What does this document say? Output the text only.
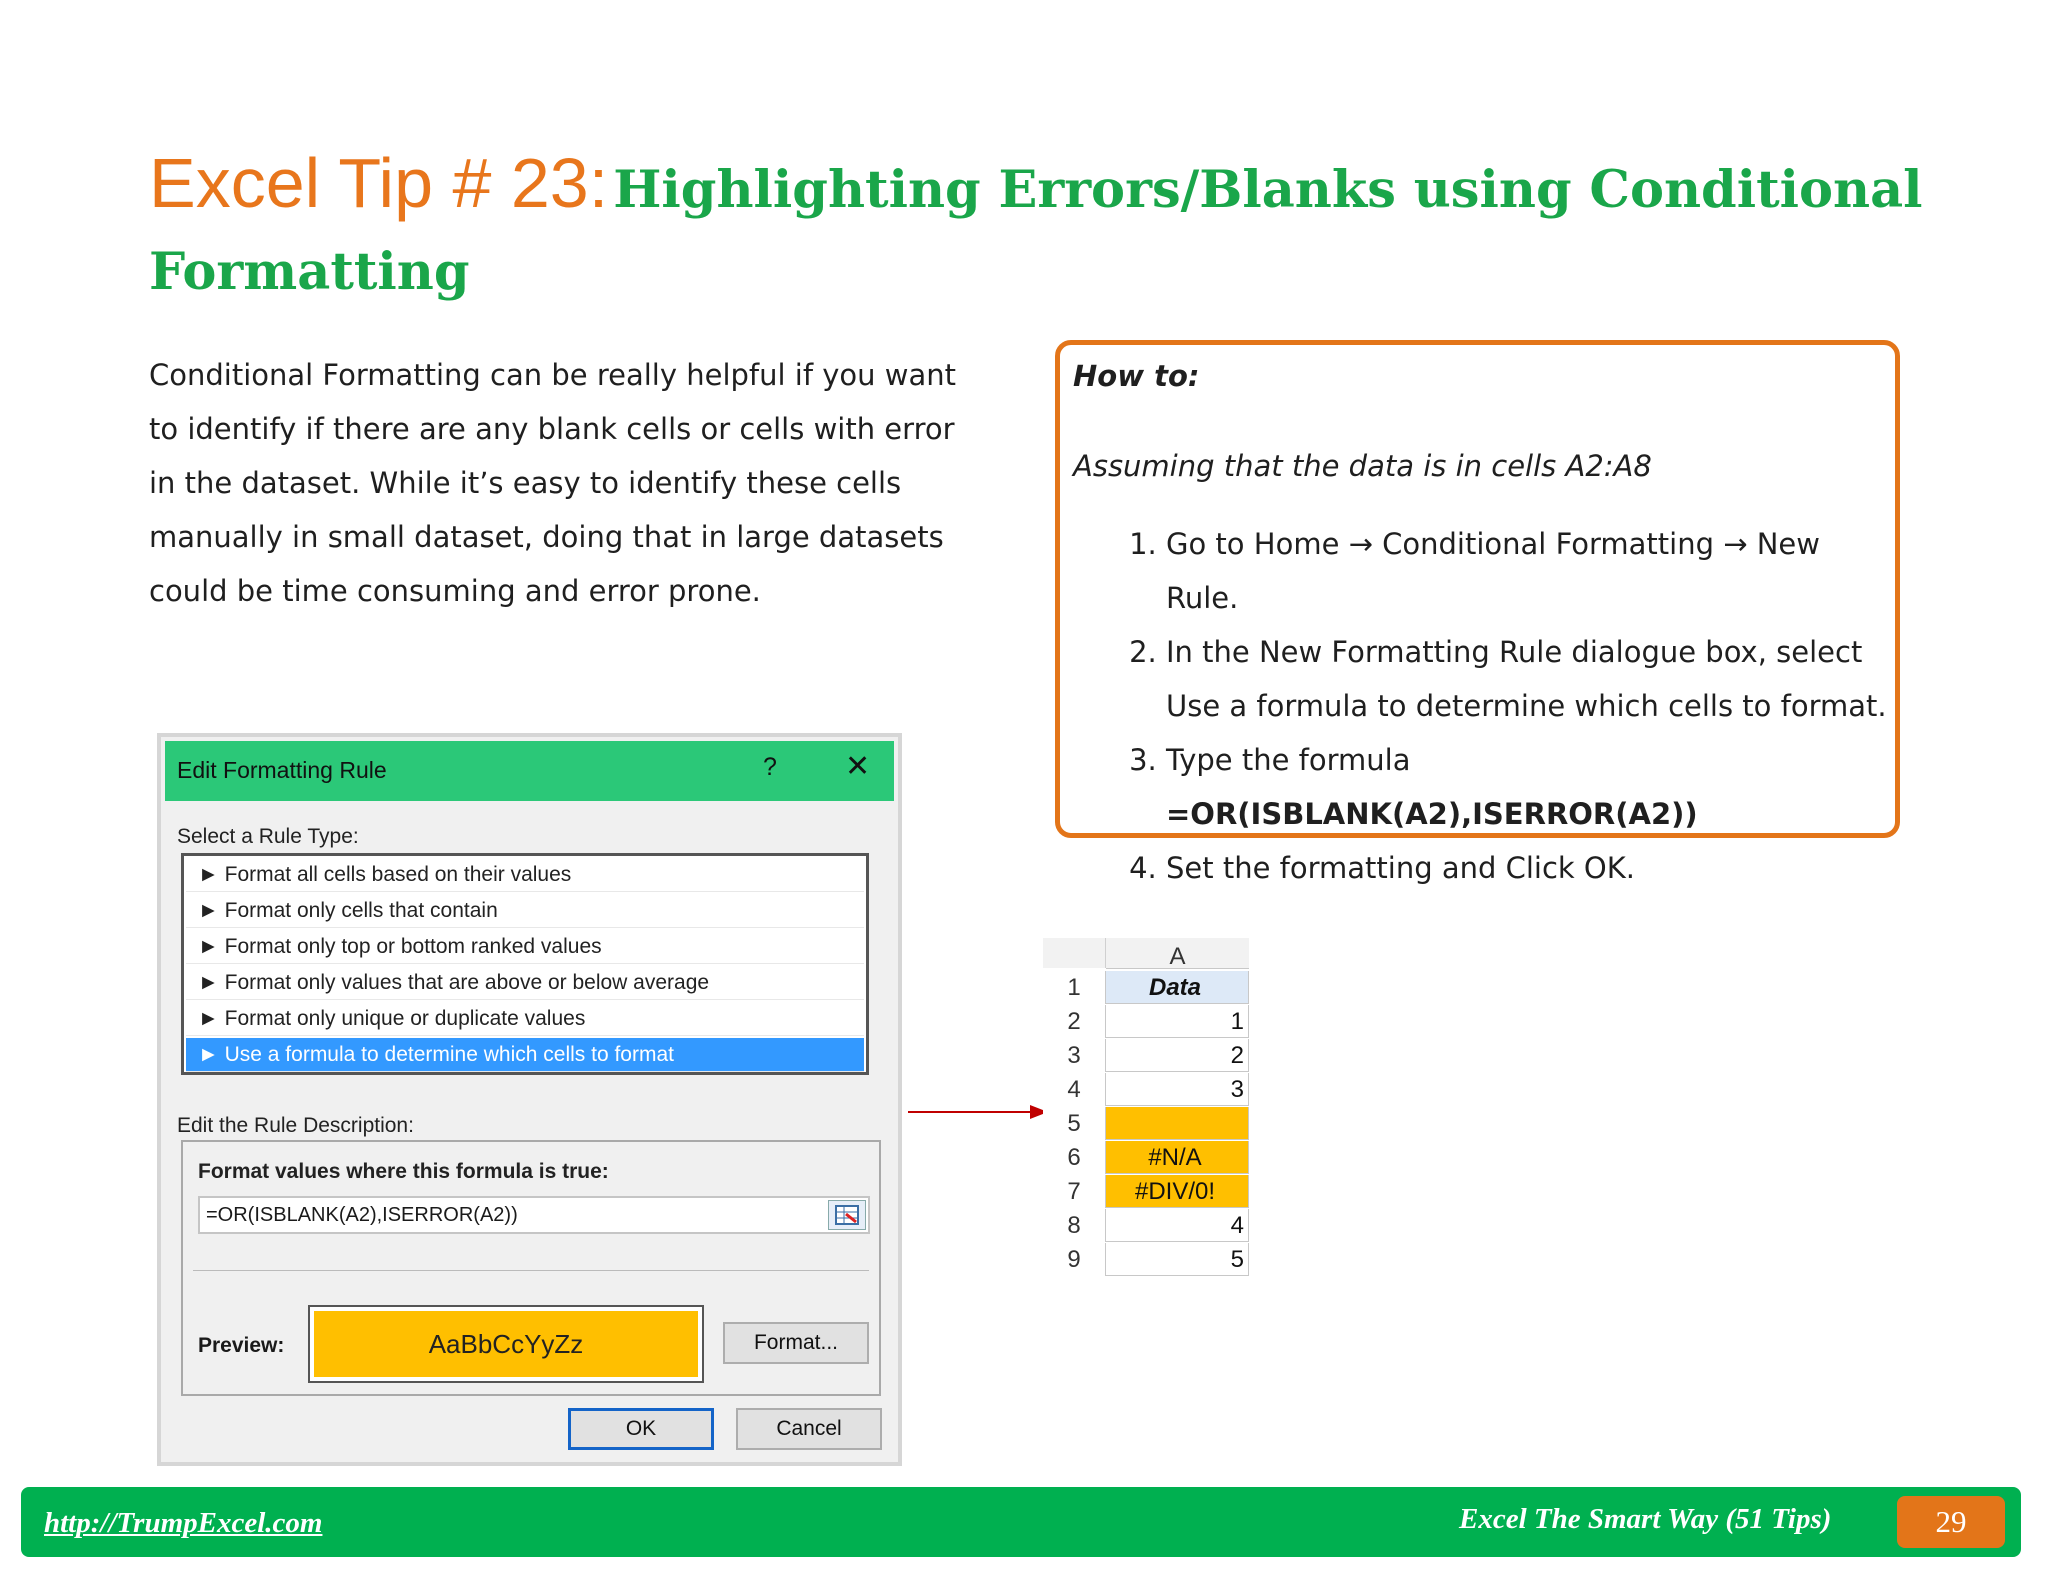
Excel Tip # 23: Highlighting Errors/Blanks using Conditional Formatting
Conditional Formatting can be really helpful if you want to identify if there are any blank cells or cells with error in the dataset. While it’s easy to identify these cells manually in small dataset, doing that in large datasets could be time consuming and error prone.
How to:
Assuming that the data is in cells A2:A8
1. Go to Home → Conditional Formatting → New Rule.
2. In the New Formatting Rule dialogue box, select Use a formula to determine which cells to format.
3. Type the formula =OR(ISBLANK(A2),ISERROR(A2))
4. Set the formatting and Click OK.
Edit Formatting Rule	? ✕
Select a Rule Type:
► Format all cells based on their values
► Format only cells that contain
► Format only top or bottom ranked values
► Format only values that are above or below average
► Format only unique or duplicate values
► Use a formula to determine which cells to format
Edit the Rule Description:
Format values where this formula is true:
=OR(ISBLANK(A2),ISERROR(A2))
Preview:	AaBbCcYyZz	Format...
OK	Cancel
A
1	Data
2	1
3	2
4	3
5
6	#N/A
7	#DIV/0!
8	4
9	5
http://TrumpExcel.com	Excel The Smart Way (51 Tips)	29
